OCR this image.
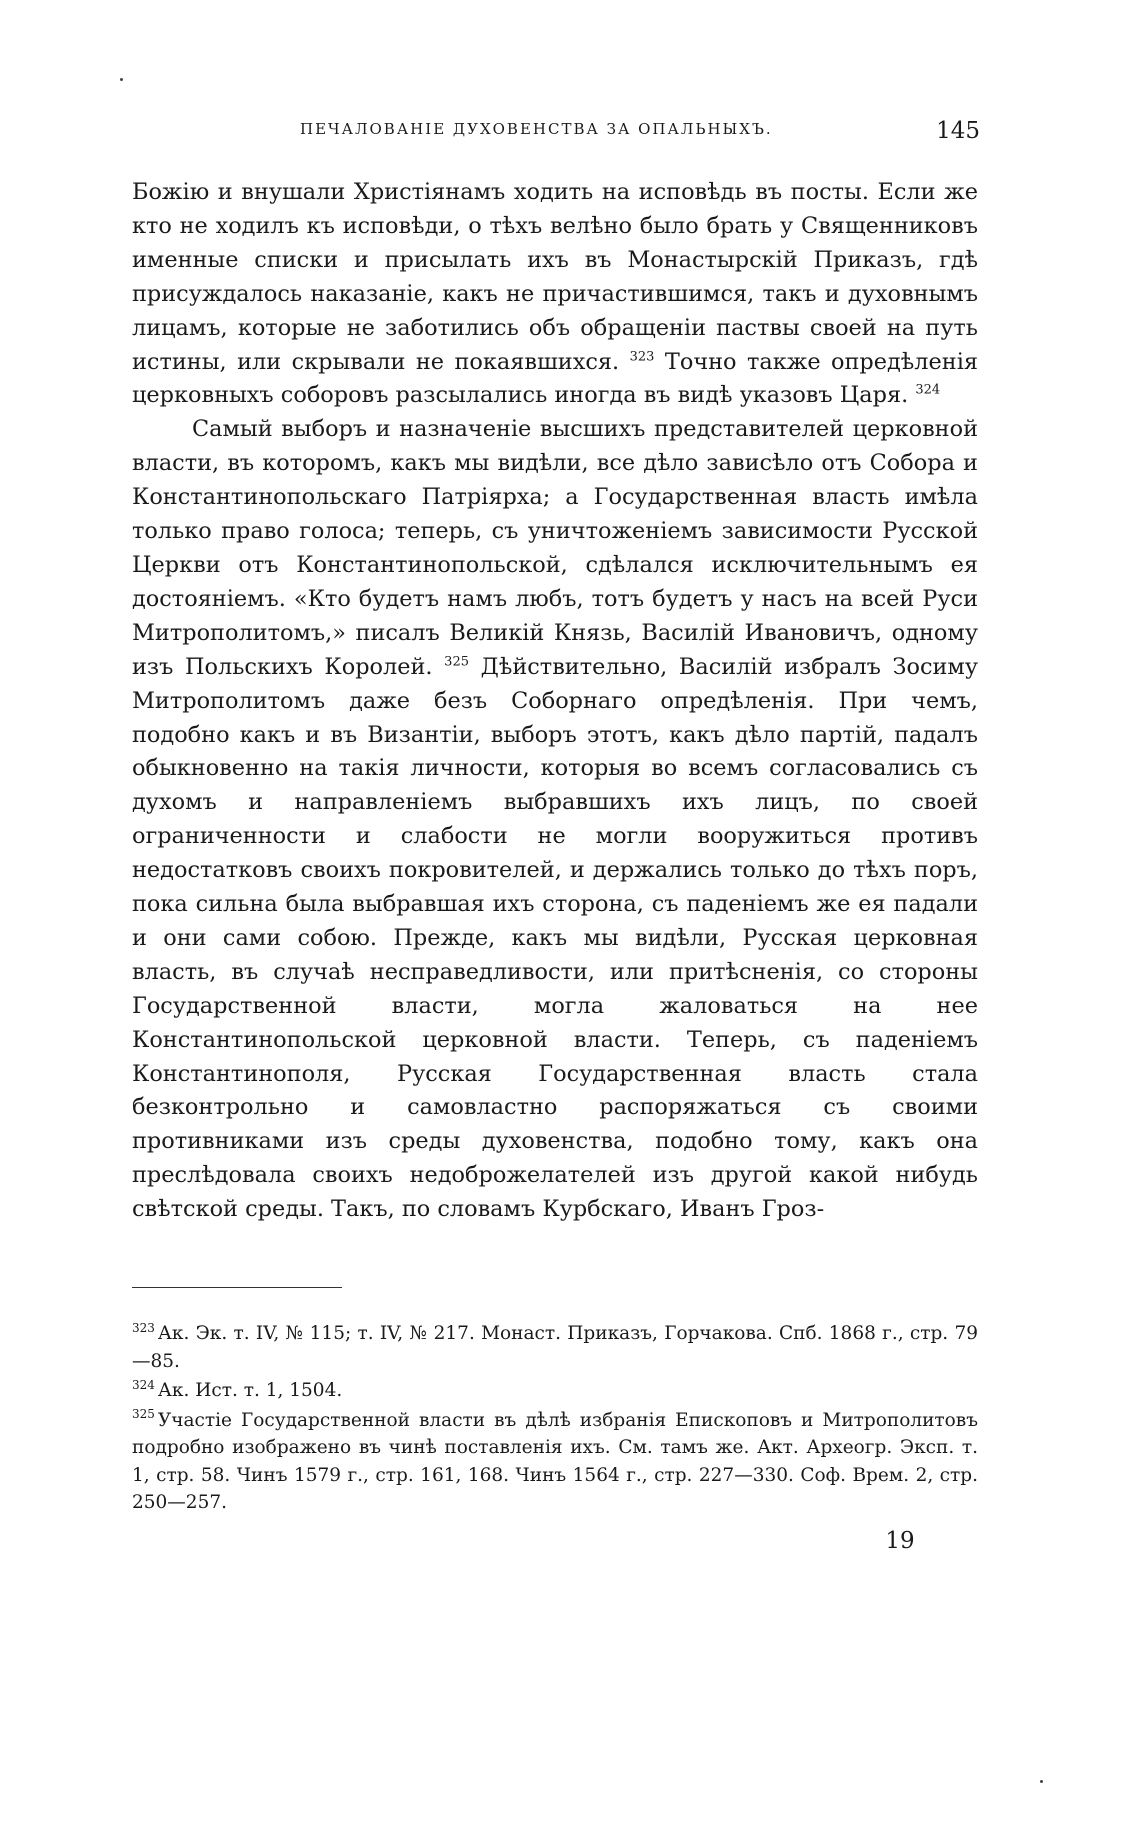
ПЕЧАЛОВАНІЕ ДУХОВЕНСТВА ЗА ОПАЛЬНЫХЪ.	145

Божію и внушали Христіянамъ ходить на исповѣдь въ посты. Если же кто не ходилъ къ исповѣди, о тѣхъ велѣно было брать у Священниковъ именные списки и присылать ихъ въ Монастырскій Приказъ, гдѣ присуждалось наказаніе, какъ не причастившимся, такъ и духовнымъ лицамъ, которые не заботились объ обращеніи паствы своей на путь истины, или скрывали не покаявшихся. $^{323}$ Точно также опредѣленія церковныхъ соборовъ разсылались иногда въ видѣ указовъ Царя. $^{324}$

Самый выборъ и назначеніе высшихъ представителей церковной власти, въ которомъ, какъ мы видѣли, все дѣло зависѣло отъ Собора и Константинопольскаго Патріярха; а Государственная власть имѣла только право голоса; теперь, съ уничтоженіемъ зависимости Русской Церкви отъ Константинопольской, сдѣлался исключительнымъ ея достояніемъ. «Кто будетъ намъ любъ, тотъ будетъ у насъ на всей Руси Митрополитомъ,» писалъ Великій Князь, Василій Ивановичъ, одному изъ Польскихъ Королей. $^{325}$ Дѣйствительно, Василій избралъ Зосиму Митрополитомъ даже безъ Соборнаго опредѣленія. При чемъ, подобно какъ и въ Византіи, выборъ этотъ, какъ дѣло партій, падалъ обыкновенно на такія личности, которыя во всемъ согласовались съ духомъ и направленіемъ выбравшихъ ихъ лицъ, по своей ограниченности и слабости не могли вооружиться противъ недостатковъ своихъ покровителей, и держались только до тѣхъ поръ, пока сильна была выбравшая ихъ сторона, съ паденіемъ же ея падали и они сами собою. Прежде, какъ мы видѣли, Русская церковная власть, въ случаѣ несправедливости, или притѣсненія, со стороны Государственной власти, могла жаловаться на нее Константинопольской церковной власти. Теперь, съ паденіемъ Константинополя, Русская Государственная власть стала безконтрольно и самовластно распоряжаться съ своими противниками изъ среды духовенства, подобно тому, какъ она преслѣдовала своихъ недоброжелателей изъ другой какой нибудь свѣтской среды. Такъ, по словамъ Курбскаго, Иванъ Гроз-

$^{323}$ Ак. Эк. т. IV, № 115; т. IV, № 217. Монаст. Приказъ, Горчакова. Спб. 1868 г., стр. 79—85.

$^{324}$ Ак. Ист. т. 1, 1504.

$^{325}$ Участіе Государственной власти въ дѣлѣ избранія Епископовъ и Митрополитовъ подробно изображено въ чинѣ поставленія ихъ. См. тамъ же. Акт. Археогр. Эксп. т. 1, стр. 58. Чинъ 1579 г., стр. 161, 168. Чинъ 1564 г., стр. 227—330. Соф. Врем. 2, стр. 250—257.

19
